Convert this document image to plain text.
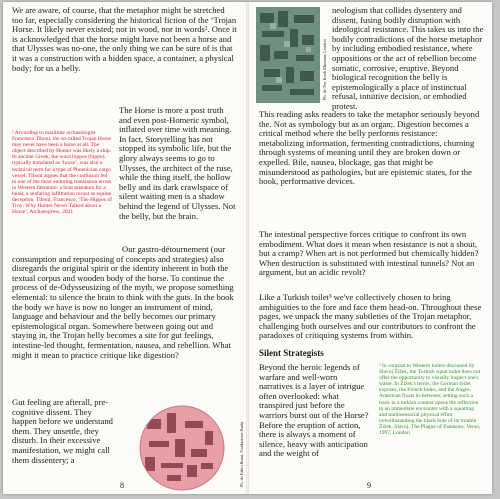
We are aware, of course, that the metaphor might be stretched too far, especially considering the historical fiction of the ‘Trojan Horse. It likely never existed; not in wood, nor in words². Once it is acknowledged that the horse might have not been a horse and that Ulysses was no-one, the only thing we can be sure of is that it was a construction with a hidden space, a container, a physical body; for us a belly.

² According to maritime archaeologist Francesco Tiboni, the so-called Trojan Horse may never have been a horse at all. The object described by Homer was likely a ship. In ancient Greek, the word hippos (hippo), typically translated as ‘horse’, was also a technical term for a type of Phoenician cargo vessel. Tiboni argues that the confusion led to one of the most enduring translation errors in Western literature: a boat mistaken for a beast, a seafaring infiltration recast as equine deception. Tiboni, Francesco, ‘The Hippos of Troy: Why Homer Never Talked about a Horse’, Archaeopress, 2021

The Horse is more a post truth and even post-Homeric symbol, inflated over time with meaning. In fact, Storytelling has not stopped its symbolic life, but the glory always seems to go to Ulysses, the architect of the ruse, while the thing itself, the hollow belly and its dark crawlspace of silent waiting men is a shadow behind the legend of Ulysses. Not the belly, but the brain.

Our gastro-détournement (our consumption and repurposing of concepts and strategies) also disregards the original spirit or the identity inherent in both the textual corpus and wooden body of the horse. To continue the process of de-Odysseusizing of the myth, we propose something elemental: to silence the brain to think with the guts. In the book the body we have is now no longer an instrument of mind, language and behaviour and the belly becomes our primary epistemological organ. Somewhere between going out and staying in, the Trojan belly becomes a site for gut feelings, intestine-led thought, fermentation, nausea, and rebellion. What might it mean to practice critique like digestion?

Gut feeling are afterall, pre-cognitive dissent. They happen before we understand them. They unsettle, they disturb. In their excessive manifestation, we might call them dissentery; a	Ph. de Fabio Rumi, Fondazione Prada

8

Ph. de The Koob Museum, London

neologism that collides dysentery and dissent, fusing bodily disruption with ideological resistance. This takes us into the bodily contradictions of the horse metaphor by including embodied resistance, where oppositions or the act of rebellion become somatic, corrosive, eruptive. Beyond biological recognition the belly is epistemologically a place of instinctual refusal, intuitive decision, or embodied protest.

This reading asks readers to take the metaphor seriously beyond the. Not as symbology but as an organ;. Digestion becomes a critical method where the belly performs resistance: metabolizing information, fermenting contradictions, churning through systems of meaning until they are broken down or expelled. Bile, nausea, blockage, gas that might be misunderstood as pathologies, but are epistemic states, for the book, performative devices.

The intestinal perspective forces critique to confront its own embodiment. What does it mean when resistance is not a shout, but a cramp? When art is not performed but chemically hidden? When destruction is substituted with intestinal tunnels? Not an argument, but an acidic revolt?

Like a Turkish toilet³ we've collectively chosen to bring ambiguities to the fore and face them head-on. Throughout these pages, we unpack the many subtleties of the Trojan metaphor, challenging both ourselves and our contributors to confront the paradoxes of critiquing systems from within.

Silent Strategists

Beyond the heroic legends of warfare and well-worn narratives is a layer of intrigue often overlooked: what transpired just before the warriors burst out of the Horse? Before the eruption of action, there is always a moment of silence, heavy with anticipation and the weight of

³ In contrast to Western toilets discussed by Slavoj Žižek, the Turkish squat toilet does not offer the opportunity to visually inspect one's waste. In Žižek's terms, the German toilet exposes, the French hides, and the Anglo-American floats in-between; setting such a book in a turkish context opens the reflection to an immediate encounter with a squatting and multisensorial physical effort notwithstanding the black hole of its trouble. Žižek, Slavoj. The Plague of Fantasies. Verso, 1997, London

9
